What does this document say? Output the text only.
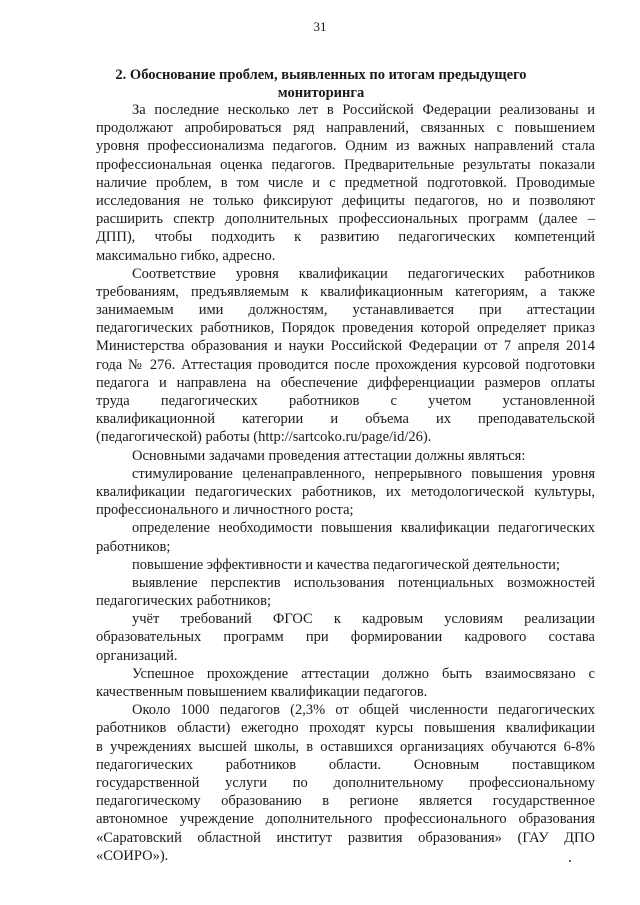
31
2. Обоснование проблем, выявленных по итогам предыдущего
мониторинга
За последние несколько лет в Российской Федерации реализованы и
продолжают апробироваться ряд направлений, связанных с повышением
уровня профессионализма педагогов. Одним из важных направлений стала
профессиональная оценка педагогов. Предварительные результаты показали
наличие проблем, в том числе и с предметной подготовкой. Проводимые
исследования не только фиксируют дефициты педагогов, но и позволяют
расширить спектр дополнительных профессиональных программ (далее –
ДПП), чтобы подходить к развитию педагогических компетенций
максимально гибко, адресно.
Соответствие уровня квалификации педагогических работников
требованиям, предъявляемым к квалификационным категориям, а также
занимаемым ими должностям, устанавливается при аттестации
педагогических работников, Порядок проведения которой определяет приказ
Министерства образования и науки Российской Федерации от 7 апреля 2014
года № 276. Аттестация проводится после прохождения курсовой подготовки
педагога и направлена на обеспечение дифференциации размеров оплаты
труда педагогических работников с учетом установленной
квалификационной категории и объема их преподавательской
(педагогической) работы (http://sartcoko.ru/page/id/26).
Основными задачами проведения аттестации должны являться:
стимулирование целенаправленного, непрерывного повышения уровня
квалификации педагогических работников, их методологической культуры,
профессионального и личностного роста;
определение необходимости повышения квалификации педагогических
работников;
повышение эффективности и качества педагогической деятельности;
выявление перспектив использования потенциальных возможностей
педагогических работников;
учёт требований ФГОС к кадровым условиям реализации
образовательных программ при формировании кадрового состава
организаций.
Успешное прохождение аттестации должно быть взаимосвязано с
качественным повышением квалификации педагогов.
Около 1000 педагогов (2,3% от общей численности педагогических
работников области) ежегодно проходят курсы повышения квалификации
в учреждениях высшей школы, в оставшихся организациях обучаются 6-8%
педагогических работников области. Основным поставщиком
государственной услуги по дополнительному профессиональному
педагогическому образованию в регионе является государственное
автономное учреждение дополнительного профессионального образования
«Саратовский областной институт развития образования» (ГАУ ДПО
«СОИРО»).
